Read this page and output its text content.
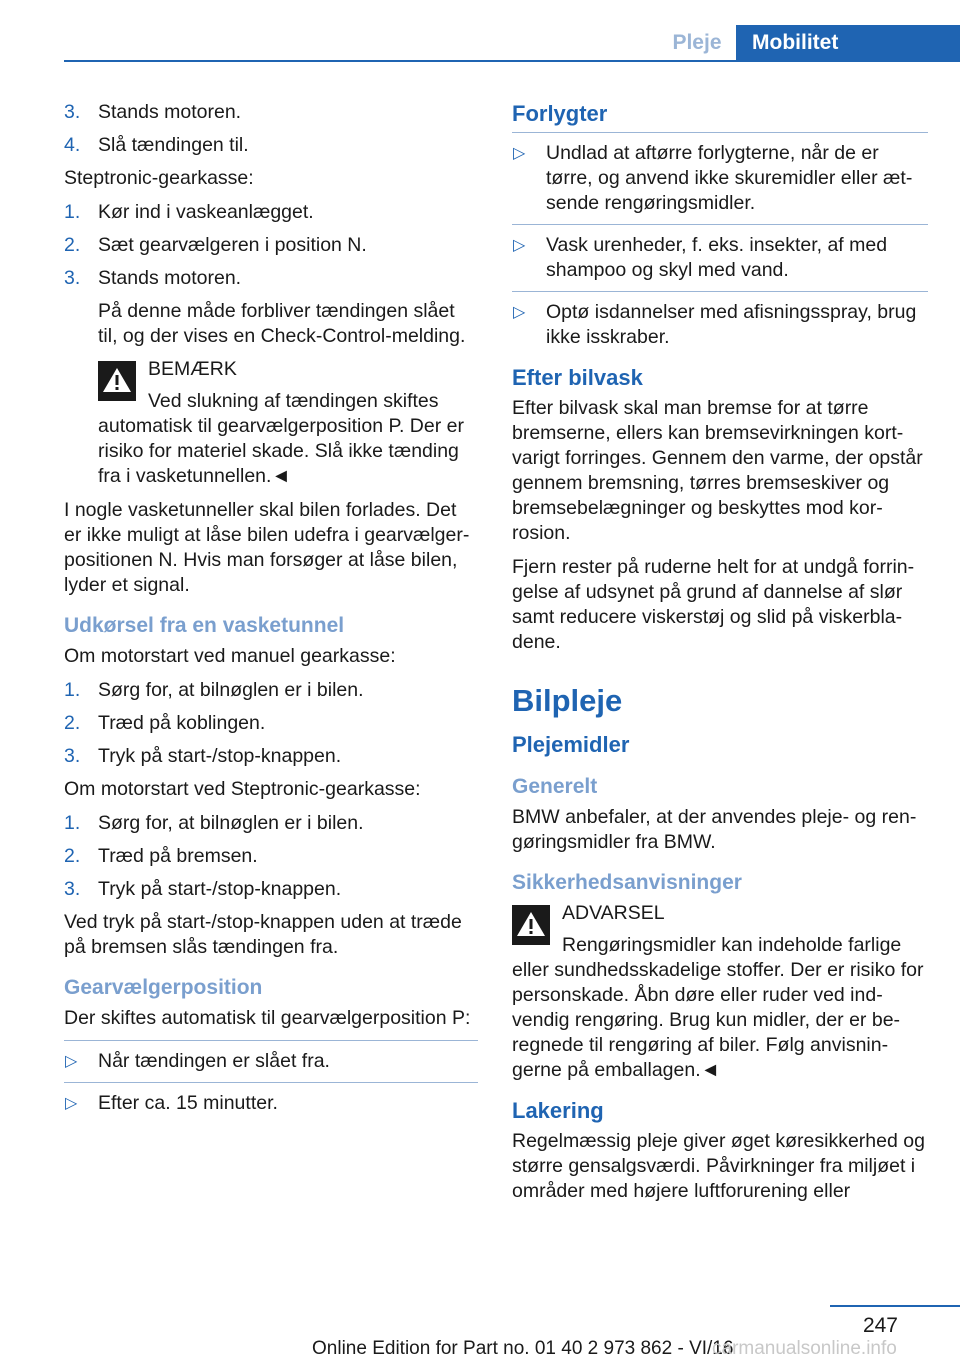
Pleje	Mobilitet
3. Stands motoren.
4. Slå tændingen til.

Steptronic-gearkasse:

1. Kør ind i vaskeanlægget.
2. Sæt gearvælgeren i position N.
3. Stands motoren.
På denne måde forbliver tændingen slået til, og der vises en Check-Control-melding.
BEMÆRK
Ved slukning af tændingen skiftes automatisk til gearvælgerposition P. Der er risiko for materiel skade. Slå ikke tænding fra i vasketunnellen.◄

I nogle vasketunneller skal bilen forlades. Det er ikke muligt at låse bilen udefra i gearvælgerpositionen N. Hvis man forsøger at låse bilen, lyder et signal.

Udkørsel fra en vasketunnel

Om motorstart ved manuel gearkasse:

1. Sørg for, at bilnøglen er i bilen.
2. Træd på koblingen.
3. Tryk på start-/stop-knappen.

Om motorstart ved Steptronic-gearkasse:

1. Sørg for, at bilnøglen er i bilen.
2. Træd på bremsen.
3. Tryk på start-/stop-knappen.

Ved tryk på start-/stop-knappen uden at træde på bremsen slås tændingen fra.

Gearvælgerposition

Der skiftes automatisk til gearvælgerposition P:

▷ Når tændingen er slået fra.
▷ Efter ca. 15 minutter.
Forlygter
▷ Undlad at aftørre forlygterne, når de er tørre, og anvend ikke skuremidler eller ætsende rengøringsmidler.
▷ Vask urenheder, f. eks. insekter, af med shampoo og skyl med vand.
▷ Optø isdannelser med afisningsspray, brug ikke isskraber.
Efter bilvask

Efter bilvask skal man bremse for at tørre bremserne, ellers kan bremsevirkningen kortvarigt forringes. Gennem den varme, der opstår gennem bremsning, tørres bremseskiver og bremsebelægninger og beskyttes mod korrosion.

Fjern rester på ruderne helt for at undgå forringelse af udsynet på grund af dannelse af slør samt reducere viskerstøj og slid på viskerbladene.

Bilpleje
Plejemidler
Generelt

BMW anbefaler, at der anvendes pleje- og rengøringsmidler fra BMW.

Sikkerhedsanvisninger
ADVARSEL
Rengøringsmidler kan indeholde farlige eller sundhedsskadelige stoffer. Der er risiko for personskade. Åbn døre eller ruder ved indvendig rengøring. Brug kun midler, der er beregnede til rengøring af biler. Følg anvisningerne på emballagen.◄
Lakering

Regelmæssig pleje giver øget køresikkerhed og større gensalgsværdi. Påvirkninger fra miljøet i områder med højere luftforurening eller

247
Online Edition for Part no. 01 40 2 973 862 - VI/16
carmanualsonline.info
